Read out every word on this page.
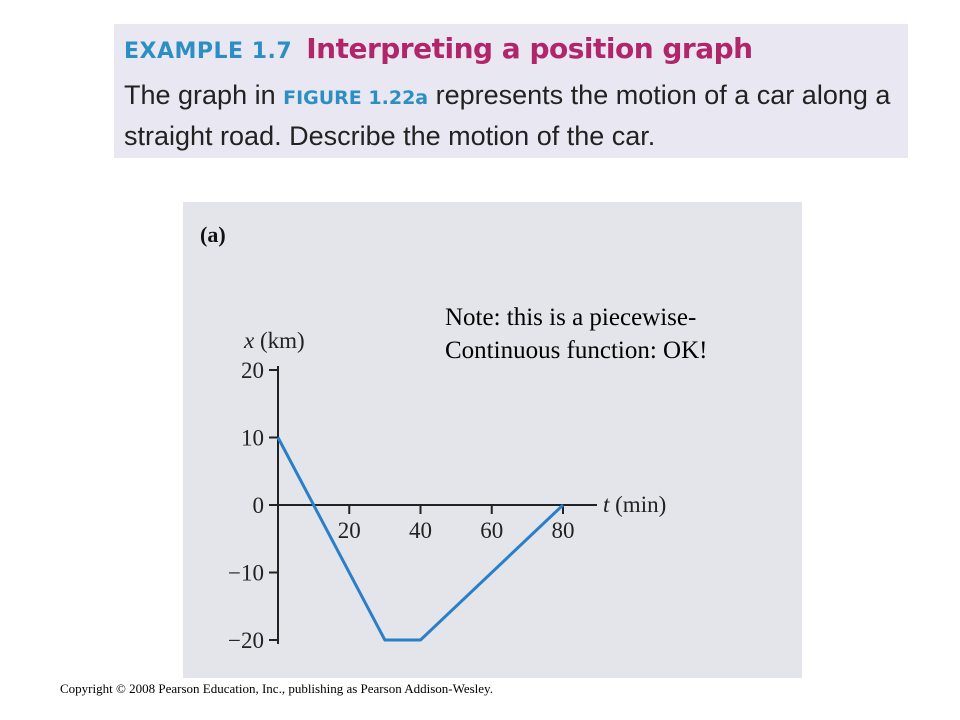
EXAMPLE 1.7 Interpreting a position graph
The graph in FIGURE 1.22a represents the motion of a car along a straight road. Describe the motion of the car.
(a)
20
10
0
−10
−20
20 40 60 80
x (km)
t (min)
Note: this is a piecewise-
Continuous function: OK!
Copyright © 2008 Pearson Education, Inc., publishing as Pearson Addison-Wesley.
